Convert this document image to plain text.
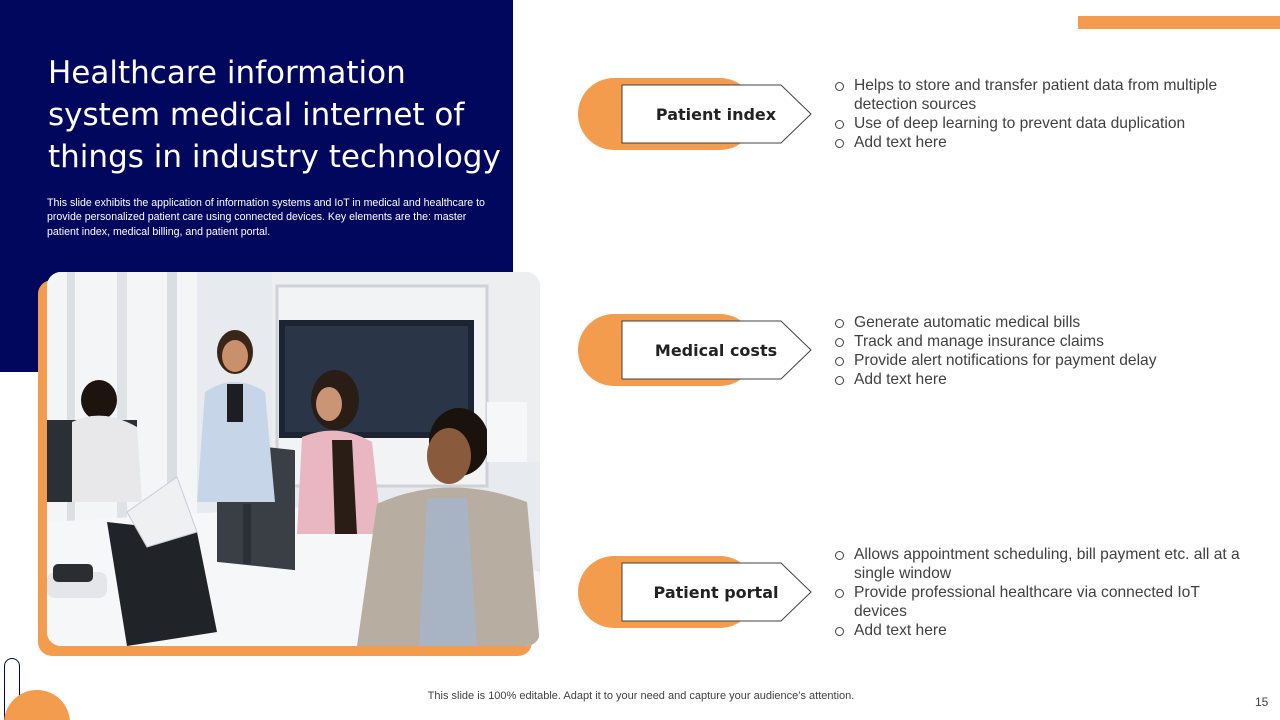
Healthcare information system medical internet of things in industry technology

This slide exhibits the application of information systems and IoT in medical and healthcare to provide personalized patient care using connected devices. Key elements are the: master patient index, medical billing, and patient portal.

Patient index
Helps to store and transfer patient data from multiple detection sources
Use of deep learning to prevent data duplication
Add text here
Medical costs
Generate automatic medical bills
Track and manage insurance claims
Provide alert notifications for payment delay
Add text here
Patient portal
Allows appointment scheduling, bill payment etc. all at a single window
Provide professional healthcare via connected IoT devices
Add text here
This slide is 100% editable. Adapt it to your need and capture your audience’s attention.	15
